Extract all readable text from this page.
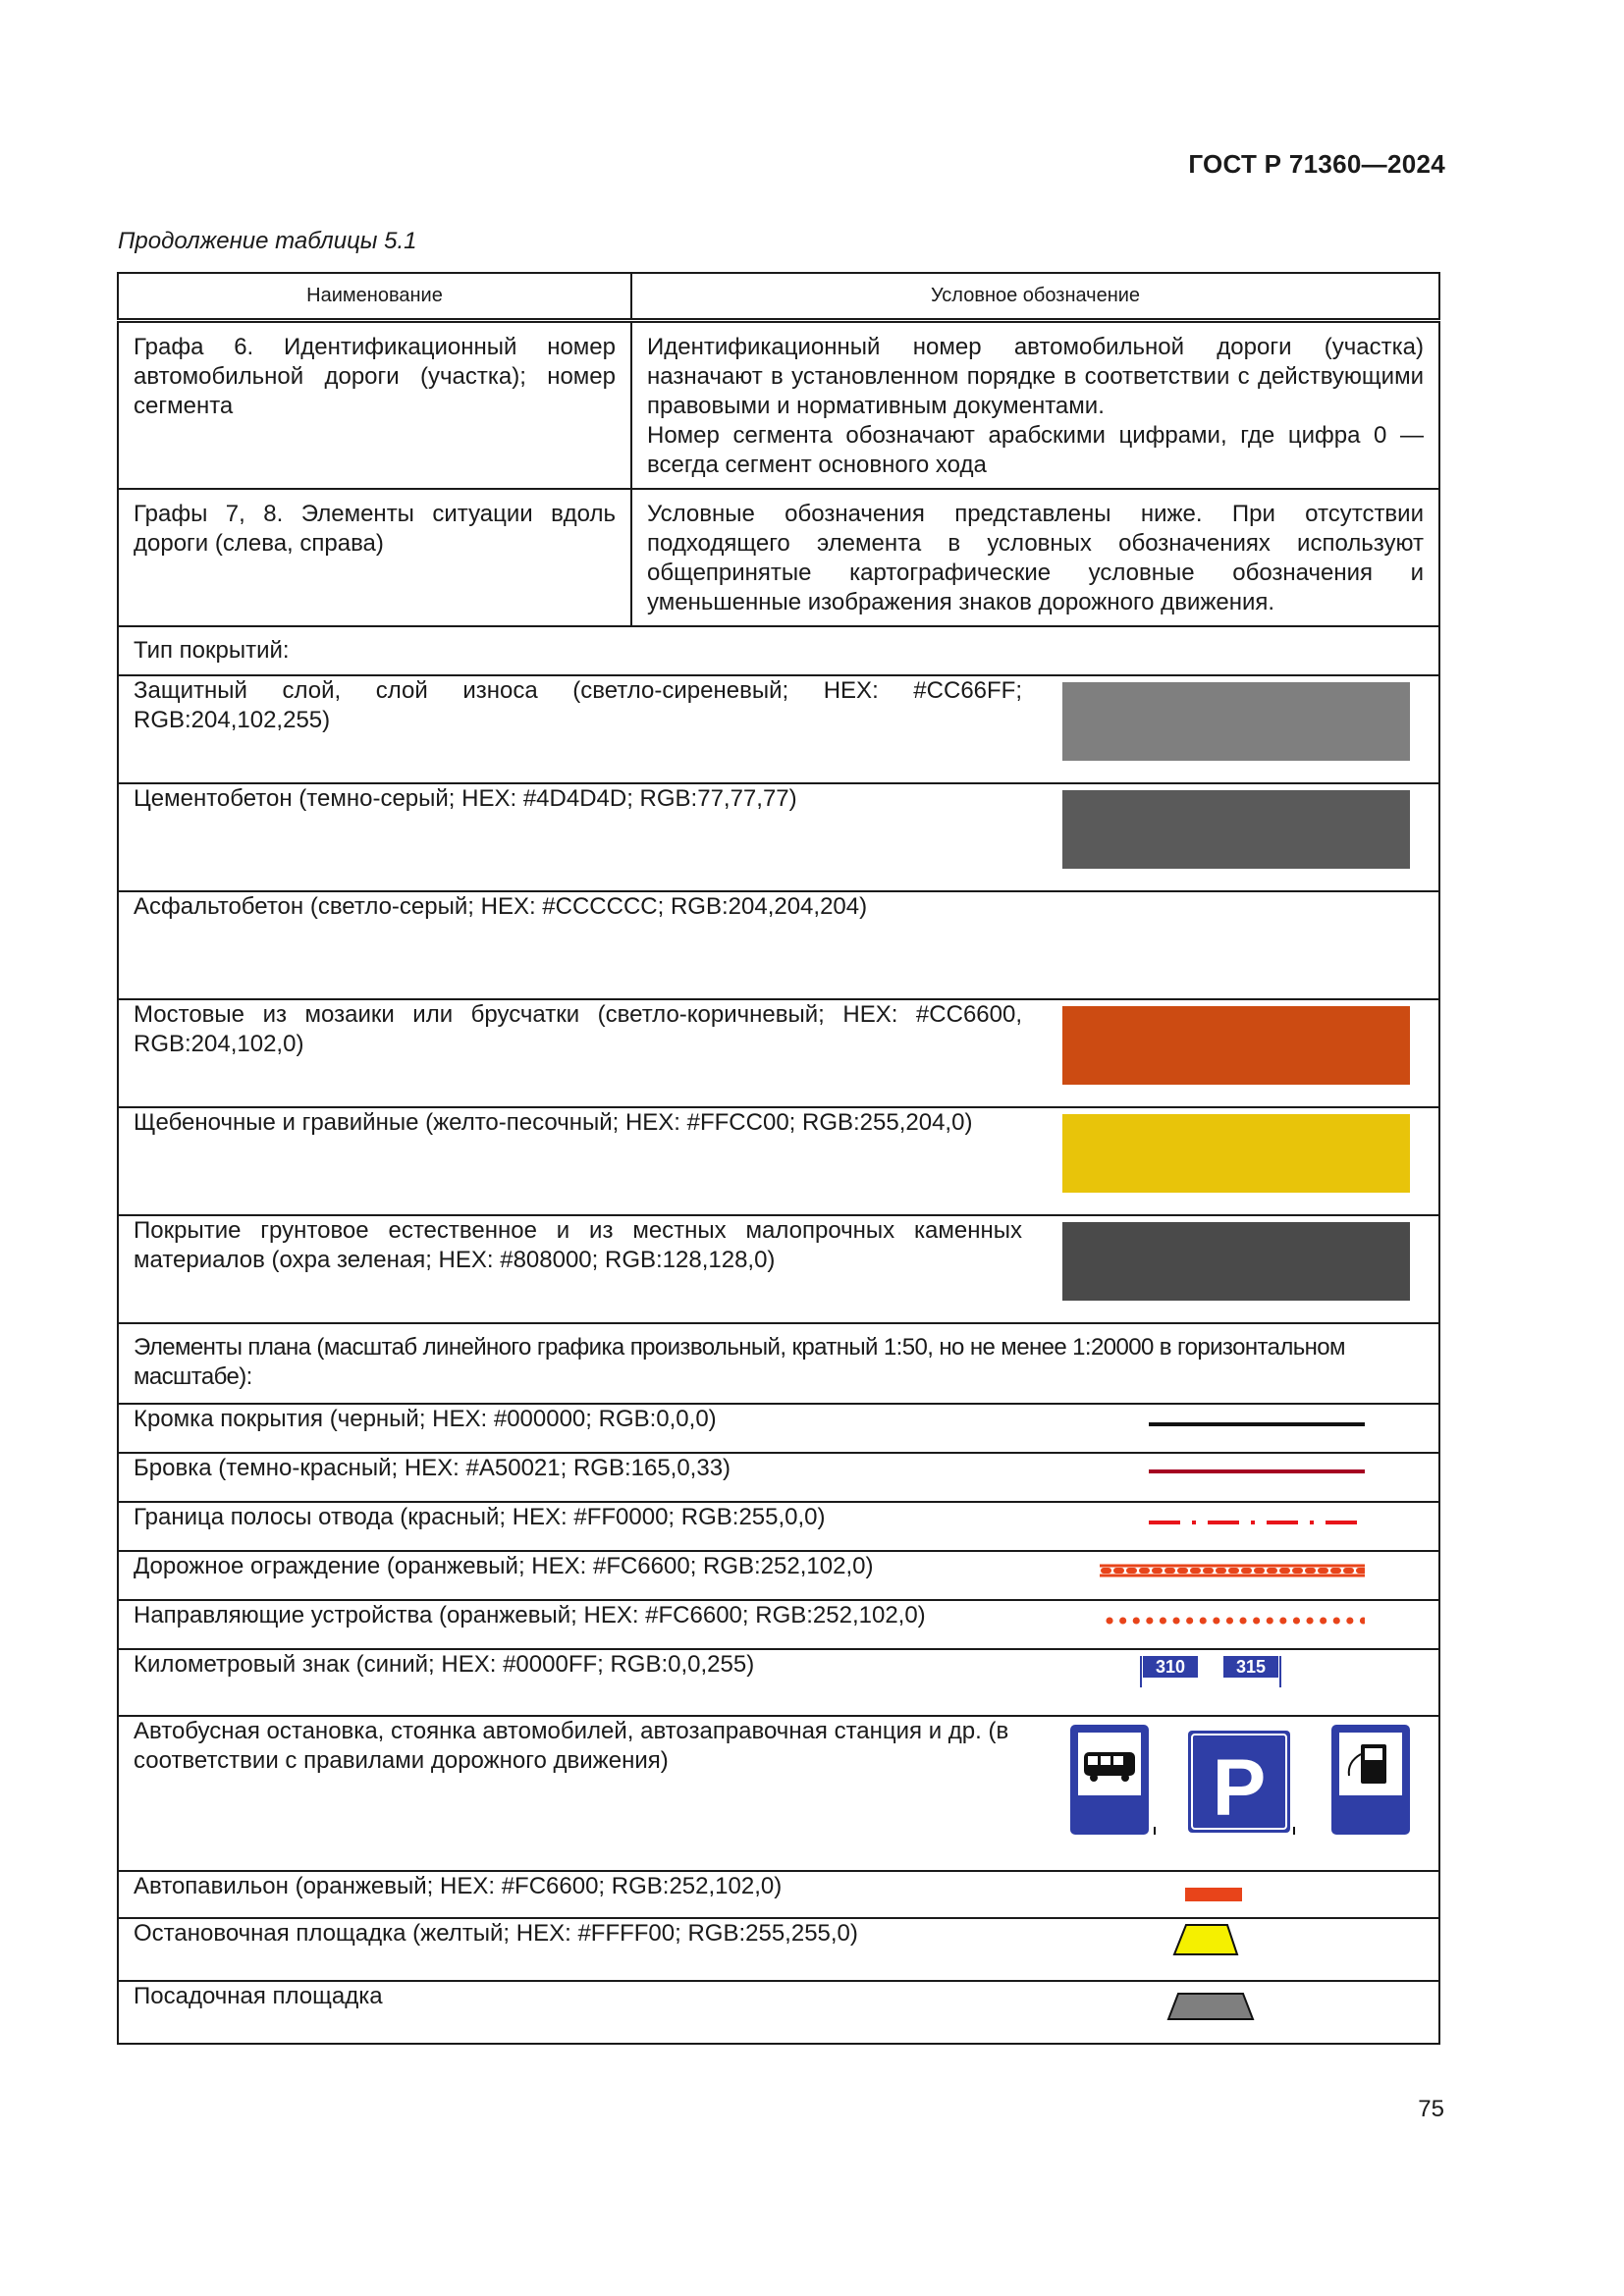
ГОСТ Р 71360—2024
Продолжение таблицы 5.1
Наименование	Условное обозначение
Графа 6. Идентификационный номер автомобильной дороги (участка); номер сегмента	Идентификационный номер автомобильной дороги (участка) назначают в установленном порядке в соответствии с действующими правовыми и нормативным документами.
Номер сегмента обозначают арабскими цифрами, где цифра 0 — всегда сегмент основного хода

Графы 7, 8. Элементы ситуации вдоль дороги (слева, справа)	Условные обозначения представлены ниже. При отсутствии подходящего элемента в условных обозначениях используют общепринятые картографические условные обозначения и уменьшенные изображения знаков дорожного движения.
Тип покрытий:	

Защитный слой, слой износа (светло-сиреневый; HEX: #CC66FF; RGB:204,102,255)	

Цементобетон (темно-серый; HEX: #4D4D4D; RGB:77,77,77)	

Асфальтобетон (светло-серый; HEX: #CCCCCC; RGB:204,204,204)	

Мостовые из мозаики или брусчатки (светло-коричневый; HEX: #CC6600, RGB:204,102,0)	

Щебеночные и гравийные (желто-песочный; HEX: #FFCC00; RGB:255,204,0)	

Покрытие грунтовое естественное и из местных малопрочных каменных материалов (охра зеленая; HEX: #808000; RGB:128,128,0)	

Элементы плана (масштаб линейного графика произвольный, кратный 1:50, но не менее 1:20000 в горизонтальном масштабе):	

Кромка покрытия (черный; HEX: #000000; RGB:0,0,0)	

Бровка (темно-красный; HEX: #A50021; RGB:165,0,33)	

Граница полосы отвода (красный; HEX: #FF0000; RGB:255,0,0)	

Дорожное ограждение (оранжевый; HEX: #FC6600; RGB:252,102,0)	

Направляющие устройства (оранжевый; HEX: #FC6600; RGB:252,102,0)	

Километровый знак (синий; HEX: #0000FF; RGB:0,0,255) 310 315	

Автобусная остановка, стоянка автомобилей, автозаправочная станция и др. (в соответствии с правилами дорожного движения) P	

Автопавильон (оранжевый; HEX: #FC6600; RGB:252,102,0)	

Остановочная площадка (желтый; HEX: #FFFF00; RGB:255,255,0)	

Посадочная площадка	
75
